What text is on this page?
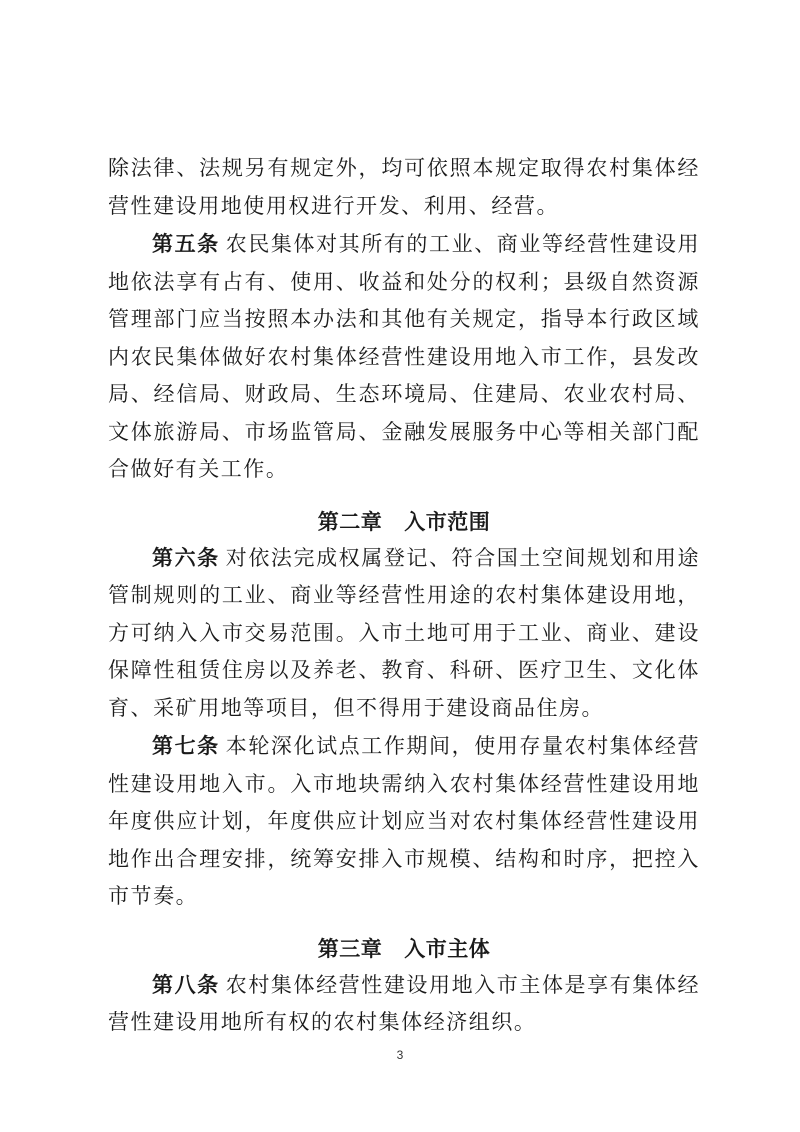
除法律、法规另有规定外，均可依照本规定取得农村集体经营性建设用地使用权进行开发、利用、经营。

第五条 农民集体对其所有的工业、商业等经营性建设用地依法享有占有、使用、收益和处分的权利；县级自然资源管理部门应当按照本办法和其他有关规定，指导本行政区域内农民集体做好农村集体经营性建设用地入市工作，县发改局、经信局、财政局、生态环境局、住建局、农业农村局、文体旅游局、市场监管局、金融发展服务中心等相关部门配合做好有关工作。

第二章 入市范围

第六条 对依法完成权属登记、符合国土空间规划和用途管制规则的工业、商业等经营性用途的农村集体建设用地，方可纳入入市交易范围。入市土地可用于工业、商业、建设保障性租赁住房以及养老、教育、科研、医疗卫生、文化体育、采矿用地等项目，但不得用于建设商品住房。

第七条 本轮深化试点工作期间，使用存量农村集体经营性建设用地入市。入市地块需纳入农村集体经营性建设用地年度供应计划，年度供应计划应当对农村集体经营性建设用地作出合理安排，统筹安排入市规模、结构和时序，把控入市节奏。

第三章 入市主体

第八条 农村集体经营性建设用地入市主体是享有集体经营性建设用地所有权的农村集体经济组织。

3
